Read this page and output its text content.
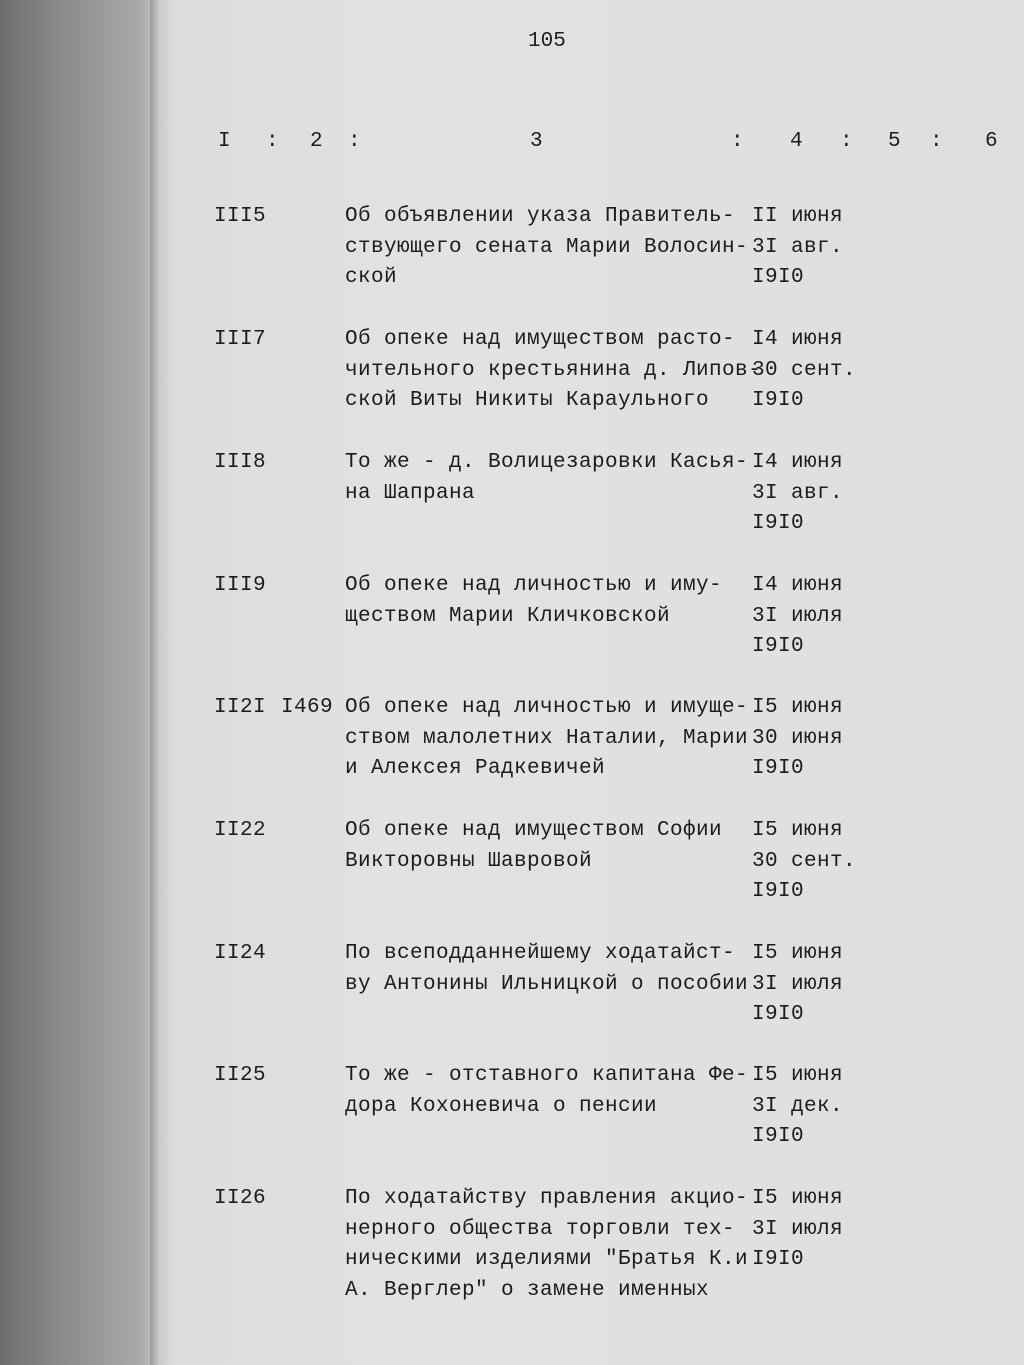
105
I : 2 :	3	: 4 : 5 : 6
III5	Об объявлении указа Правитель-
ствующего сената Марии Волосин-
ской
II июня
3I авг.
I9I0
III7	Об опеке над имуществом расто-
чительного крестьянина д. Липов-
ской Виты Никиты Караульного
I4 июня
30 сент.
I9I0
III8	То же - д. Волицезаровки Касья-
на Шапрана
I4 июня
3I авг.
I9I0
III9	Об опеке над личностью и иму-
ществом Марии Кличковской
I4 июня
3I июля
I9I0
II2I I469 Об опеке над личностью и имуще-
ством малолетних Наталии, Марии
и Алексея Радкевичей
I5 июня
30 июня
I9I0
II22	Об опеке над имуществом Софии
Викторовны Шавровой
I5 июня
30 сент.
I9I0
II24	По всеподданнейшему ходатайст-
ву Антонины Ильницкой о пособии
I5 июня
3I июля
I9I0
II25	То же - отставного капитана Фе-
дора Кохоневича о пенсии
I5 июня
3I дек.
I9I0
II26	По ходатайству правления акцио-
нерного общества торговли тех-
ническими изделиями "Братья К.и
А. Верглер" о замене именных
I5 июня
3I июля
I9I0
